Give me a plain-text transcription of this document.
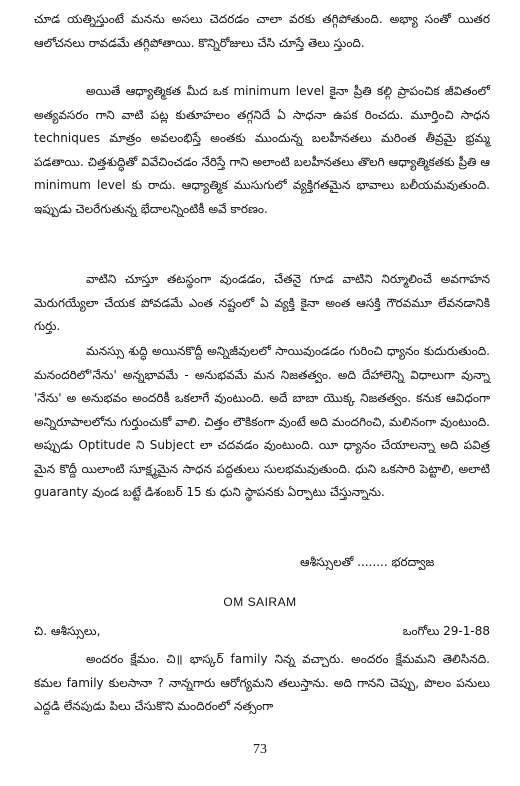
చూడ యత్నిస్తుంటే మనను అసలు చెదరడం చాలా వరకు తగ్గిపోతుంది. అభ్యా సంతో యితర ఆలోచనలు రావడమే తగ్గిపోతాయి. కొన్నిరోజులు చేసి చూస్తే తెలు స్తుంది.

అయితే ఆధ్యాత్మికత మీద ఒక minimum level కైనా ప్రీతి కల్గి ప్రాపంచిక జీవితంలో అత్యవసరం గాని వాటి పట్ల కుతూహలం తగ్గనిదే ఏ సాధనా ఉపక రించదు. మూర్తించి సాధన techniques మాత్రం అవలంభిస్తే అంతకు ముందున్న బలహీనతలు మరింత తీవ్రమై భ్రమ్మ పడతాయి. చిత్తశుద్ధితో వివేచించడం నేరిస్తే గాని అలాంటి బలహీనతలు తొలగి ఆధ్యాత్మికతకు ప్రీతి ఆ minimum level కు రాదు. ఆధ్యాత్మిక ముసుగులో వ్యక్తిగతమైన భావాలు బలీయమవుతుంది. ఇప్పుడు చెలరేగుతున్న భేదాలన్నింటికీ అవే కారణం.

వాటిని చూస్తూ తటస్థంగా వుండడం, చేతనై గూడ వాటిని నిర్మూలించే అవగాహన మెరుగయ్యేలా చేయక పోవడమే ఎంత నష్టంలో ఏ వ్యక్తి కైనా అంత ఆసక్తి గౌరవమూ లేవనడానికి గుర్తు.

మనస్సు శుద్ధి అయినకొద్దీ అన్నిజీవులలో సాయివుండడం గురించి ధ్యానం కుదురుతుంది. మనందరిలో'నేను' అన్నభావమే - అనుభవమే మన నిజతత్వం. అది దేహాలెన్ని విధాలుగా వున్నా 'నేను' అ అనుభవం అందరికీ ఒకలాగే వుంటుంది. అదే బాబా యొక్క నిజతత్వం. కనుక ఆవిధంగా అన్నిరూపాలలోను గుర్తుంచుకో వాలి. చిత్తం లౌకికంగా వుంటే అది మందగించి, మలినంగా వుంటుంది. అప్పుడు Optitude ని Subject లా చదవడం వుంటుంది. యీ ధ్యానం చేయాలన్నా అది పవిత్ర మైన కొద్దీ యిలాంటి సూక్ష్మమైన సాధన పద్దతులు సులభమవుతుంది. ధుని ఒకసారి పెట్టాలి, అలాటి guaranty వుండ బట్టే డిశంబర్ 15 కు ధుని స్థాపనకు ఏర్పాటు చేస్తున్నాను.

ఆశీస్సులతో ........ భరద్వాజ
OM SAIRAM
చి. ఆశీస్సులు,	ఒంగోలు 29-1-88

అందరం క్షేమం. చి॥ భాస్కర్ family నిన్న వచ్చారు. అందరం క్షేమమని తెలిసినది. కమల family కులసానా ? నాన్నగారు ఆరోగ్యమని తలుస్తాను. అది గానని చెప్పు, పొలం పనులు ఎద్దడి లేనపుడు పిలు చేసుకొని మందిరంలో నత్సంగా

73
